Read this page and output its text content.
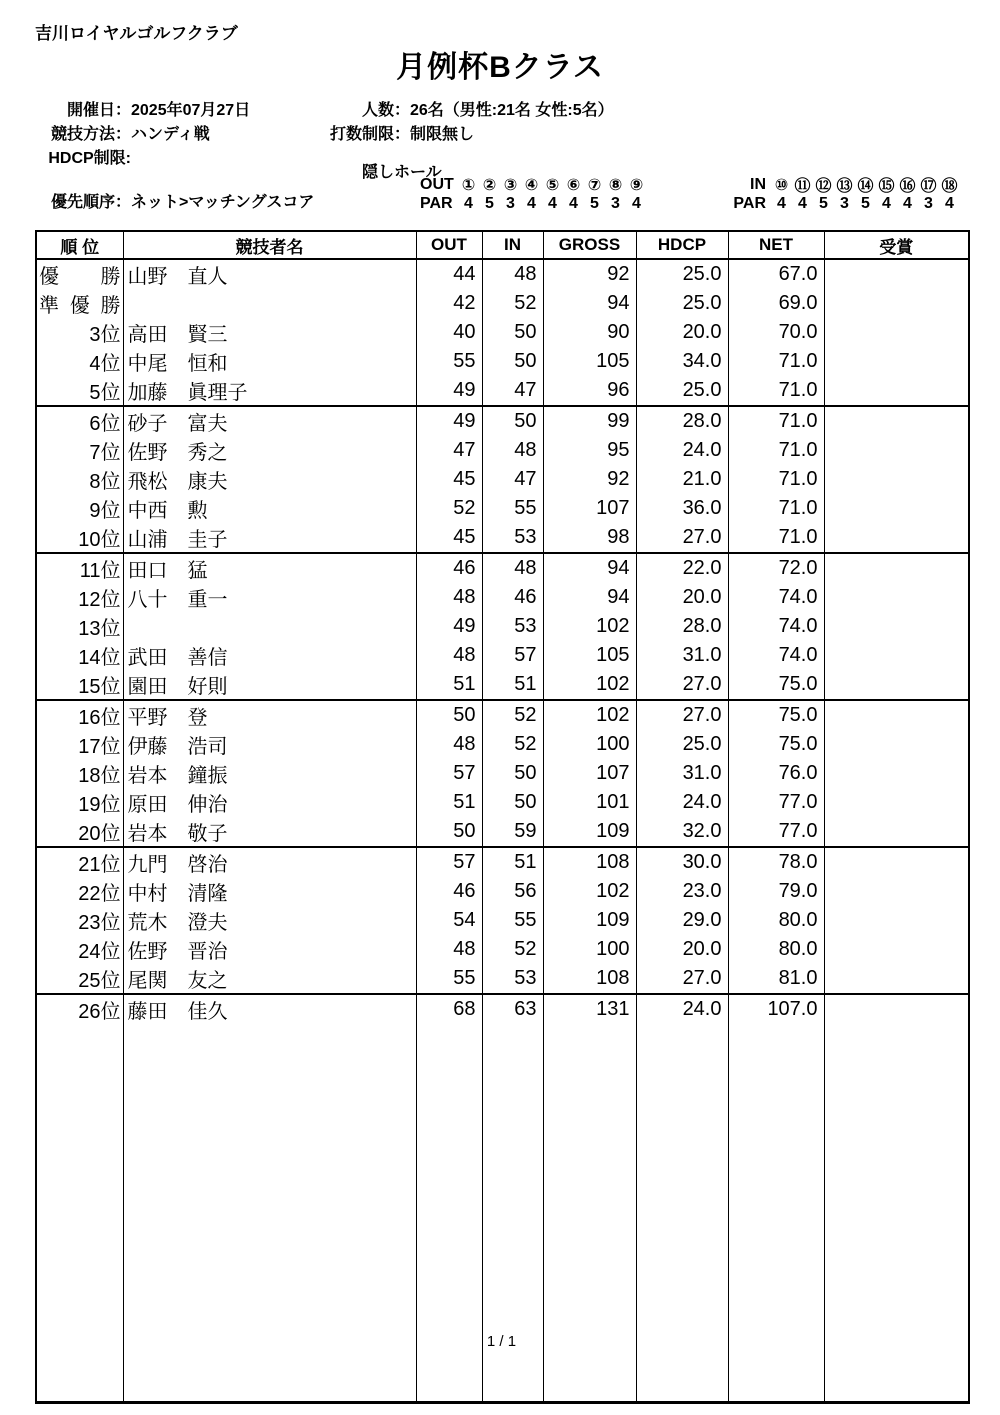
吉川ロイヤルゴルフクラブ
月例杯Bクラス
開催日： 2025年07月27日	人数： 26名（男性:21名 女性:5名）
競技方法： ハンディ戦	打数制限： 制限無し
HDCP制限:
優先順序： ネット>マッチングスコア
隠しホール
OUT ① ② ③ ④ ⑤ ⑥ ⑦ ⑧ ⑨
PAR 4 5 3 4 4 4 5 3 4
IN ⑩ ⑪ ⑫ ⑬ ⑭ ⑮ ⑯ ⑰ ⑱
PAR 4 4 5 3 5 4 4 3 4
順 位	競技者名	OUT	IN	GROSS	HDCP	NET	受賞
優　勝	山野　直人	44	48	92	25.0	67.0	
準優勝		42	52	94	25.0	69.0	
3位	高田　賢三	40	50	90	20.0	70.0	
4位	中尾　恒和	55	50	105	34.0	71.0	
5位	加藤　眞理子	49	47	96	25.0	71.0	
6位	砂子　富夫	49	50	99	28.0	71.0	
7位	佐野　秀之	47	48	95	24.0	71.0	
8位	飛松　康夫	45	47	92	21.0	71.0	
9位	中西　勲	52	55	107	36.0	71.0	
10位	山浦　圭子	45	53	98	27.0	71.0	
11位	田口　猛	46	48	94	22.0	72.0	
12位	八十　重一	48	46	94	20.0	74.0	
13位		49	53	102	28.0	74.0	
14位	武田　善信	48	57	105	31.0	74.0	
15位	園田　好則	51	51	102	27.0	75.0	
16位	平野　登	50	52	102	27.0	75.0	
17位	伊藤　浩司	48	52	100	25.0	75.0	
18位	岩本　鐘振	57	50	107	31.0	76.0	
19位	原田　伸治	51	50	101	24.0	77.0	
20位	岩本　敬子	50	59	109	32.0	77.0	
21位	九門　啓治	57	51	108	30.0	78.0	
22位	中村　清隆	46	56	102	23.0	79.0	
23位	荒木　澄夫	54	55	109	29.0	80.0	
24位	佐野　晋治	48	52	100	20.0	80.0	
25位	尾関　友之	55	53	108	27.0	81.0	
26位	藤田　佳久	68	63	131	24.0	107.0	

1 / 1
